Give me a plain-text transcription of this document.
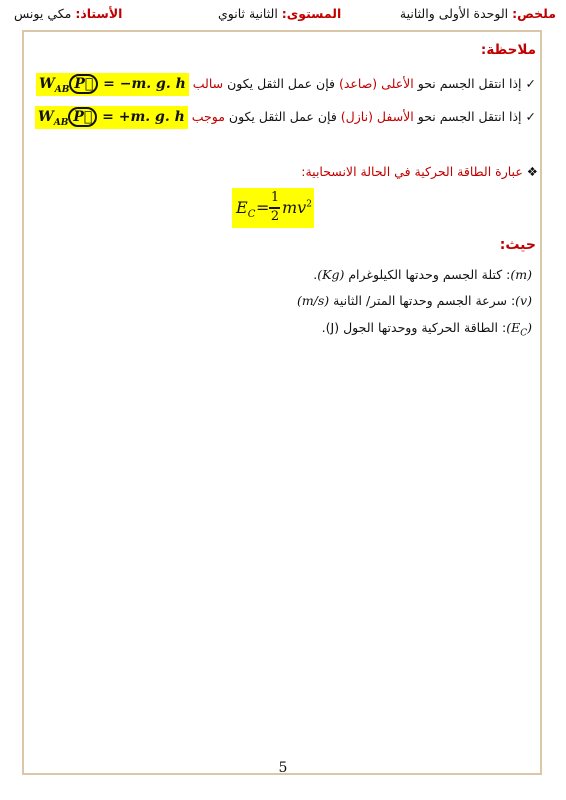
ملخص: الوحدة الأولى والثانية
المستوى: الثانية ثانوي
الأستاذ: مكي يونس
ملاحظة:
✓ إذا انتقل الجسم نحو الأعلى (صاعد) فإن عمل الثقل يكون سالب $W_{AB}$ P⃗ = −m. g. h
✓ إذا انتقل الجسم نحو الأسفل (نازل) فإن عمل الثقل يكون موجب $W_{AB}$ P⃗ = +m. g. h
❖ عبارة الطاقة الحركية في الحالة الانسحابية:
$E_C$ =
1
2 $mv^2$
حيث:
(m): كتلة الجسم وحدتها الكيلوغرام (Kg).
(v): سرعة الجسم وحدتها المتر/ الثانية (m/s)
$(E_C)$: الطاقة الحركية ووحدتها الجول (J).
5
